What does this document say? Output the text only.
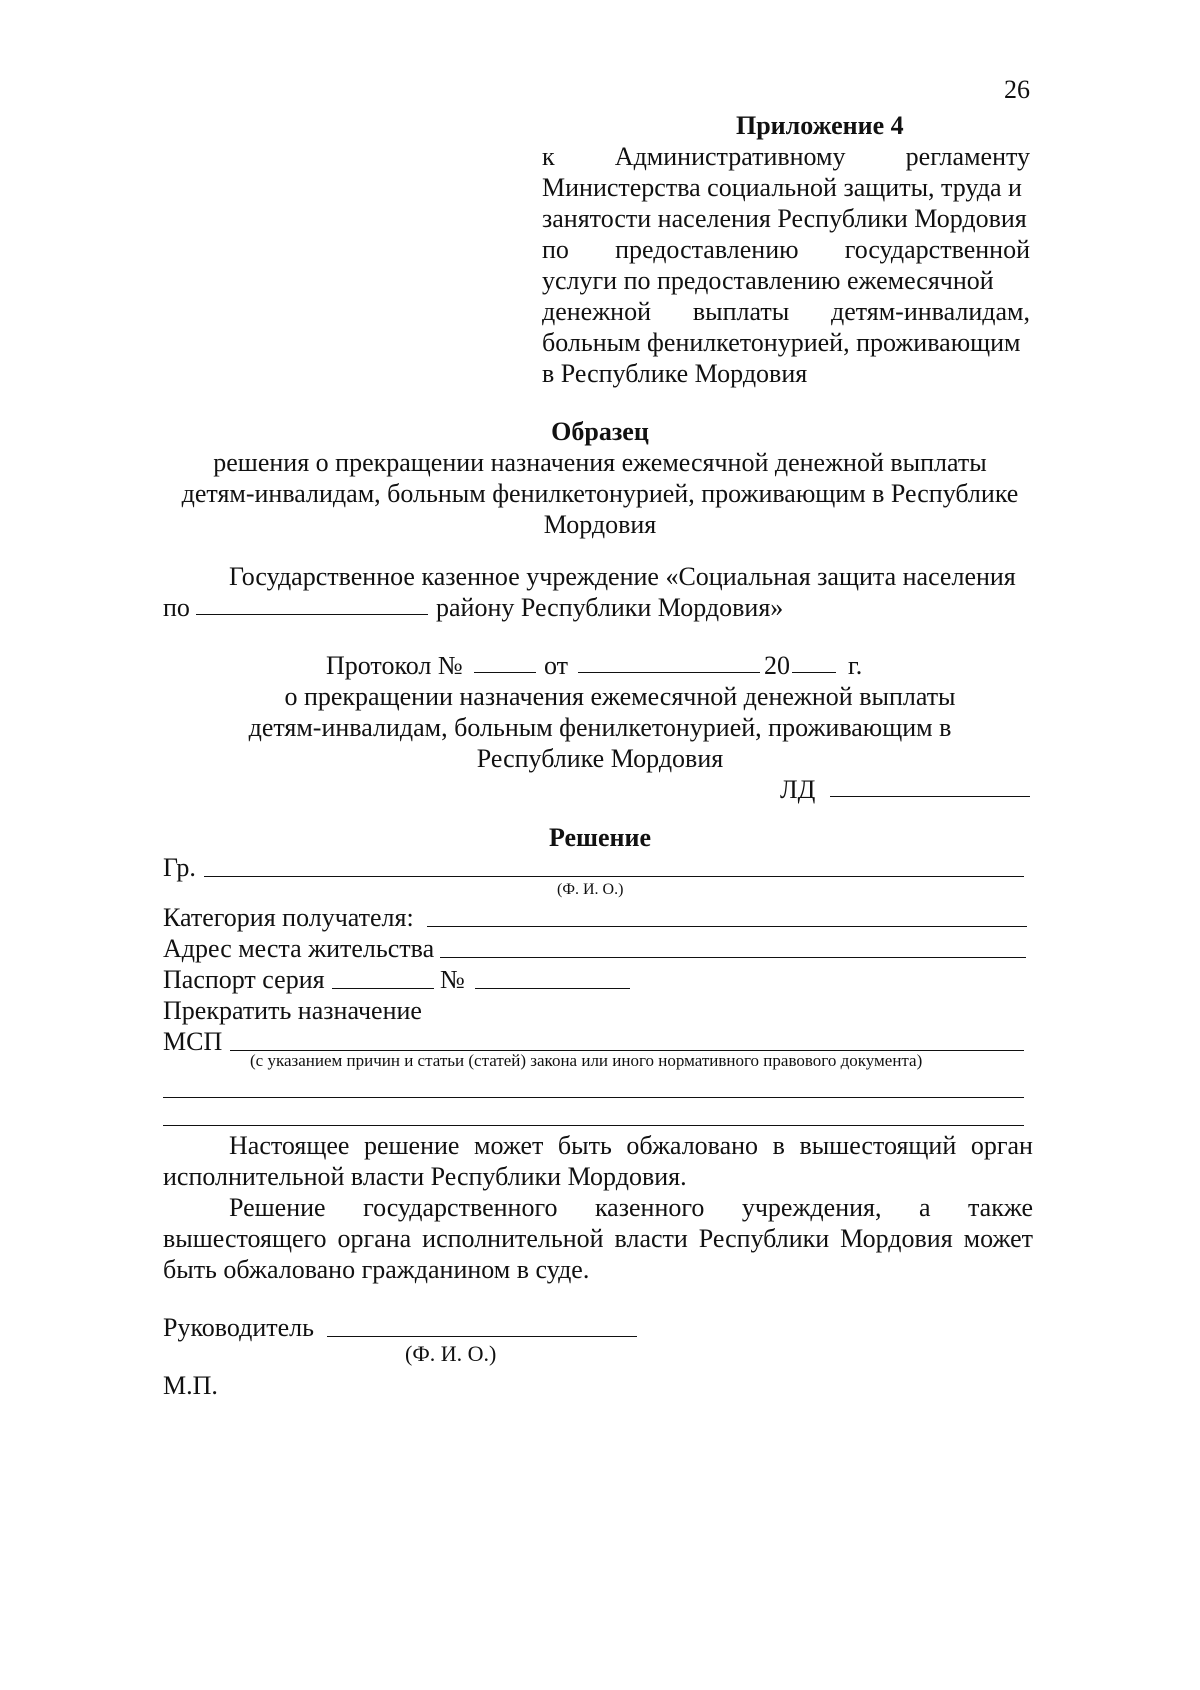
26
Приложение 4
к Административному регламенту
Министерства социальной защиты, труда и
занятости населения Республики Мордовия
по предоставлению государственной
услуги по предоставлению ежемесячной
денежной выплаты детям-инвалидам,
больным фенилкетонурией, проживающим
в Республике Мордовия
Образец
решения о прекращении назначения ежемесячной денежной выплаты
детям-инвалидам, больным фенилкетонурией, проживающим в Республике
Мордовия
Государственное казенное учреждение «Социальная защита населения
по	району Республики Мордовия»
Протокол №	от	20 г.
о прекращении назначения ежемесячной денежной выплаты
детям-инвалидам, больным фенилкетонурией, проживающим в
Республике Мордовия
ЛД
Решение
Гр.
(Ф. И. О.)
Категория получателя:
Адрес места жительства
Паспорт серия	№
Прекратить назначение
МСП
(с указанием причин и статьи (статей) закона или иного нормативного правового документа)
Настоящее решение может быть обжаловано в вышестоящий орган
исполнительной власти Республики Мордовия.
Решение государственного казенного учреждения, а также
вышестоящего органа исполнительной власти Республики Мордовия может
быть обжаловано гражданином в суде.
Руководитель
(Ф. И. О.)
М.П.
